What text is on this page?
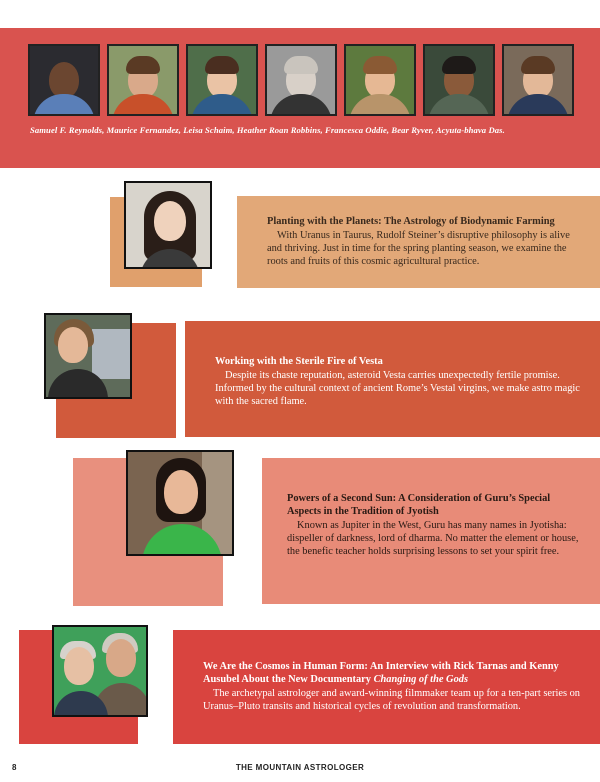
Samuel F. Reynolds, Maurice Fernandez, Leisa Schaim, Heather Roan Robbins, Francesca Oddie, Bear Ryver, Acyuta-bhava Das.
Planting with the Planets: The Astrology of Biodynamic Farming
With Uranus in Taurus, Rudolf Steiner’s disruptive philosophy is alive and thriving. Just in time for the spring planting season, we examine the roots and fruits of this cosmic agricultural practice.
Working with the Sterile Fire of Vesta
Despite its chaste reputation, asteroid Vesta carries unexpectedly fertile promise. Informed by the cultural context of ancient Rome’s Vestal virgins, we make astro magic with the sacred flame.
Powers of a Second Sun: A Consideration of Guru’s Special Aspects in the Tradition of Jyotish
Known as Jupiter in the West, Guru has many names in Jyotisha: dispeller of darkness, lord of dharma. No matter the element or house, the benefic teacher holds surprising lessons to set your spirit free.
We Are the Cosmos in Human Form: An Interview with Rick Tarnas and Kenny Ausubel About the New Documentary Changing of the Gods
The archetypal astrologer and award-winning filmmaker team up for a ten-part series on Uranus–Pluto transits and historical cycles of revolution and transformation.
THE MOUNTAIN ASTROLOGER
8
